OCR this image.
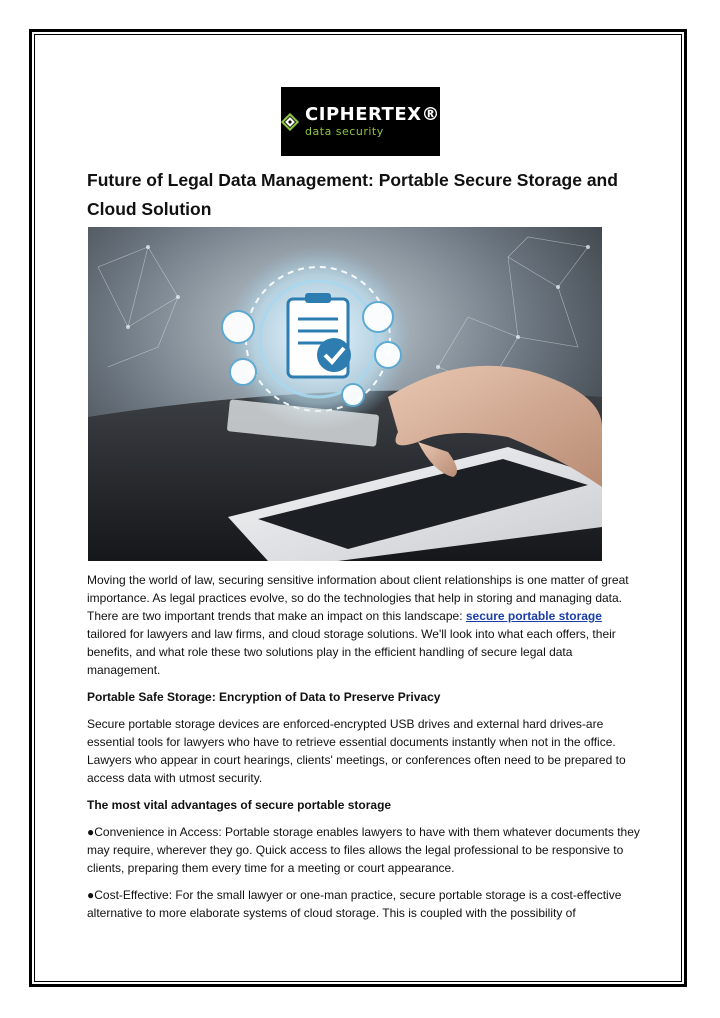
CIPHERTEX®
data security
Future of Legal Data Management: Portable Secure Storage and Cloud Solution

Moving the world of law, securing sensitive information about client relationships is one matter of great importance. As legal practices evolve, so do the technologies that help in storing and managing data. There are two important trends that make an impact on this landscape: secure portable storage tailored for lawyers and law firms, and cloud storage solutions. We'll look into what each offers, their benefits, and what role these two solutions play in the efficient handling of secure legal data management.

Portable Safe Storage: Encryption of Data to Preserve Privacy

Secure portable storage devices are enforced-encrypted USB drives and external hard drives-are essential tools for lawyers who have to retrieve essential documents instantly when not in the office. Lawyers who appear in court hearings, clients' meetings, or conferences often need to be prepared to access data with utmost security.

The most vital advantages of secure portable storage

●Convenience in Access: Portable storage enables lawyers to have with them whatever documents they may require, wherever they go. Quick access to files allows the legal professional to be responsive to clients, preparing them every time for a meeting or court appearance.

●Cost-Effective: For the small lawyer or one-man practice, secure portable storage is a cost-effective alternative to more elaborate systems of cloud storage. This is coupled with the possibility of
